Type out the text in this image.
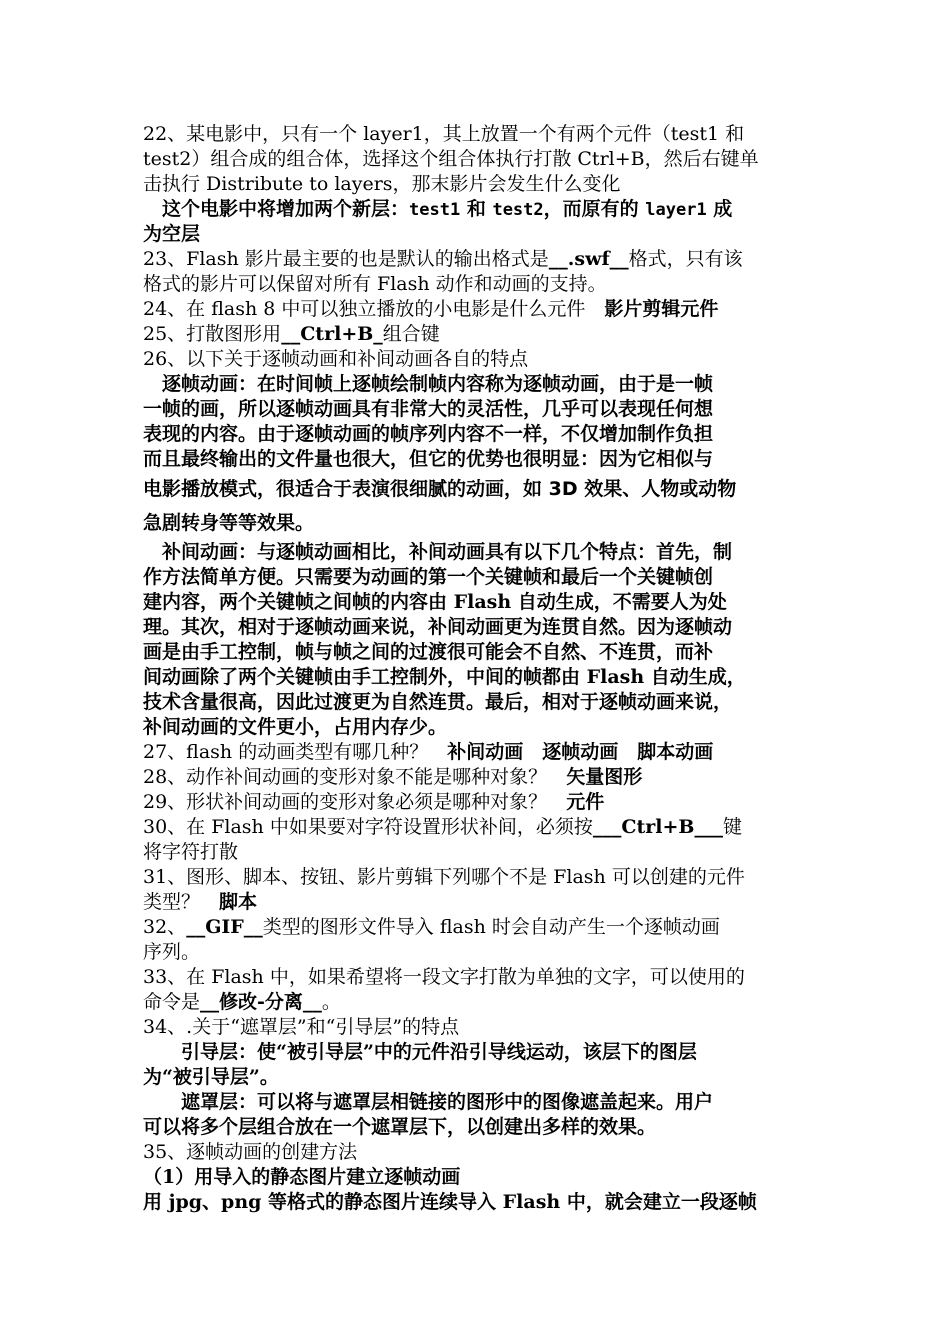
22、某电影中，只有一个 layer1，其上放置一个有两个元件（test1 和
test2）组合成的组合体，选择这个组合体执行打散 Ctrl+B，然后右键单
击执行 Distribute to layers，那末影片会发生什么变化
　这个电影中将增加两个新层：test1 和 test2，而原有的 layer1 成
为空层
23、Flash 影片最主要的也是默认的输出格式是__.swf__格式，只有该
格式的影片可以保留对所有 Flash 动作和动画的支持。
24、在 flash 8 中可以独立播放的小电影是什么元件　 影片剪辑元件
25、打散图形用__Ctrl+B_组合键
26、以下关于逐帧动画和补间动画各自的特点
　逐帧动画：在时间帧上逐帧绘制帧内容称为逐帧动画，由于是一帧
一帧的画，所以逐帧动画具有非常大的灵活性，几乎可以表现任何想
表现的内容。由于逐帧动画的帧序列内容不一样，不仅增加制作负担
而且最终输出的文件量也很大，但它的优势也很明显：因为它相似与
电影播放模式，很适合于表演很细腻的动画，如 3D 效果、人物或动物
急剧转身等等效果。
　补间动画：与逐帧动画相比，补间动画具有以下几个特点：首先，制
作方法简单方便。只需要为动画的第一个关键帧和最后一个关键帧创
建内容，两个关键帧之间帧的内容由 Flash 自动生成，不需要人为处
理。其次，相对于逐帧动画来说，补间动画更为连贯自然。因为逐帧动
画是由手工控制，帧与帧之间的过渡很可能会不自然、不连贯，而补
间动画除了两个关键帧由手工控制外，中间的帧都由 Flash 自动生成，
技术含量很高，因此过渡更为自然连贯。最后，相对于逐帧动画来说，
补间动画的文件更小，占用内存少。
27、flash 的动画类型有哪几种？　 补间动画　逐帧动画　脚本动画
28、动作补间动画的变形对象不能是哪种对象？　 矢量图形
29、形状补间动画的变形对象必须是哪种对象？　 元件
30、在 Flash 中如果要对字符设置形状补间，必须按___Ctrl+B___键
将字符打散
31、图形、脚本、按钮、影片剪辑下列哪个不是 Flash 可以创建的元件
类型？　 脚本
32、__GIF__类型的图形文件导入 flash 时会自动产生一个逐帧动画
序列。
33、在 Flash 中，如果希望将一段文字打散为单独的文字，可以使用的
命令是__修改-分离__。
34、.关于“遮罩层”和“引导层”的特点
　　引导层：使“被引导层”中的元件沿引导线运动，该层下的图层
为“被引导层”。
　　遮罩层：可以将与遮罩层相链接的图形中的图像遮盖起来。用户
可以将多个层组合放在一个遮罩层下，以创建出多样的效果。
35、逐帧动画的创建方法
（1）用导入的静态图片建立逐帧动画
用 jpg、png 等格式的静态图片连续导入 Flash 中，就会建立一段逐帧
